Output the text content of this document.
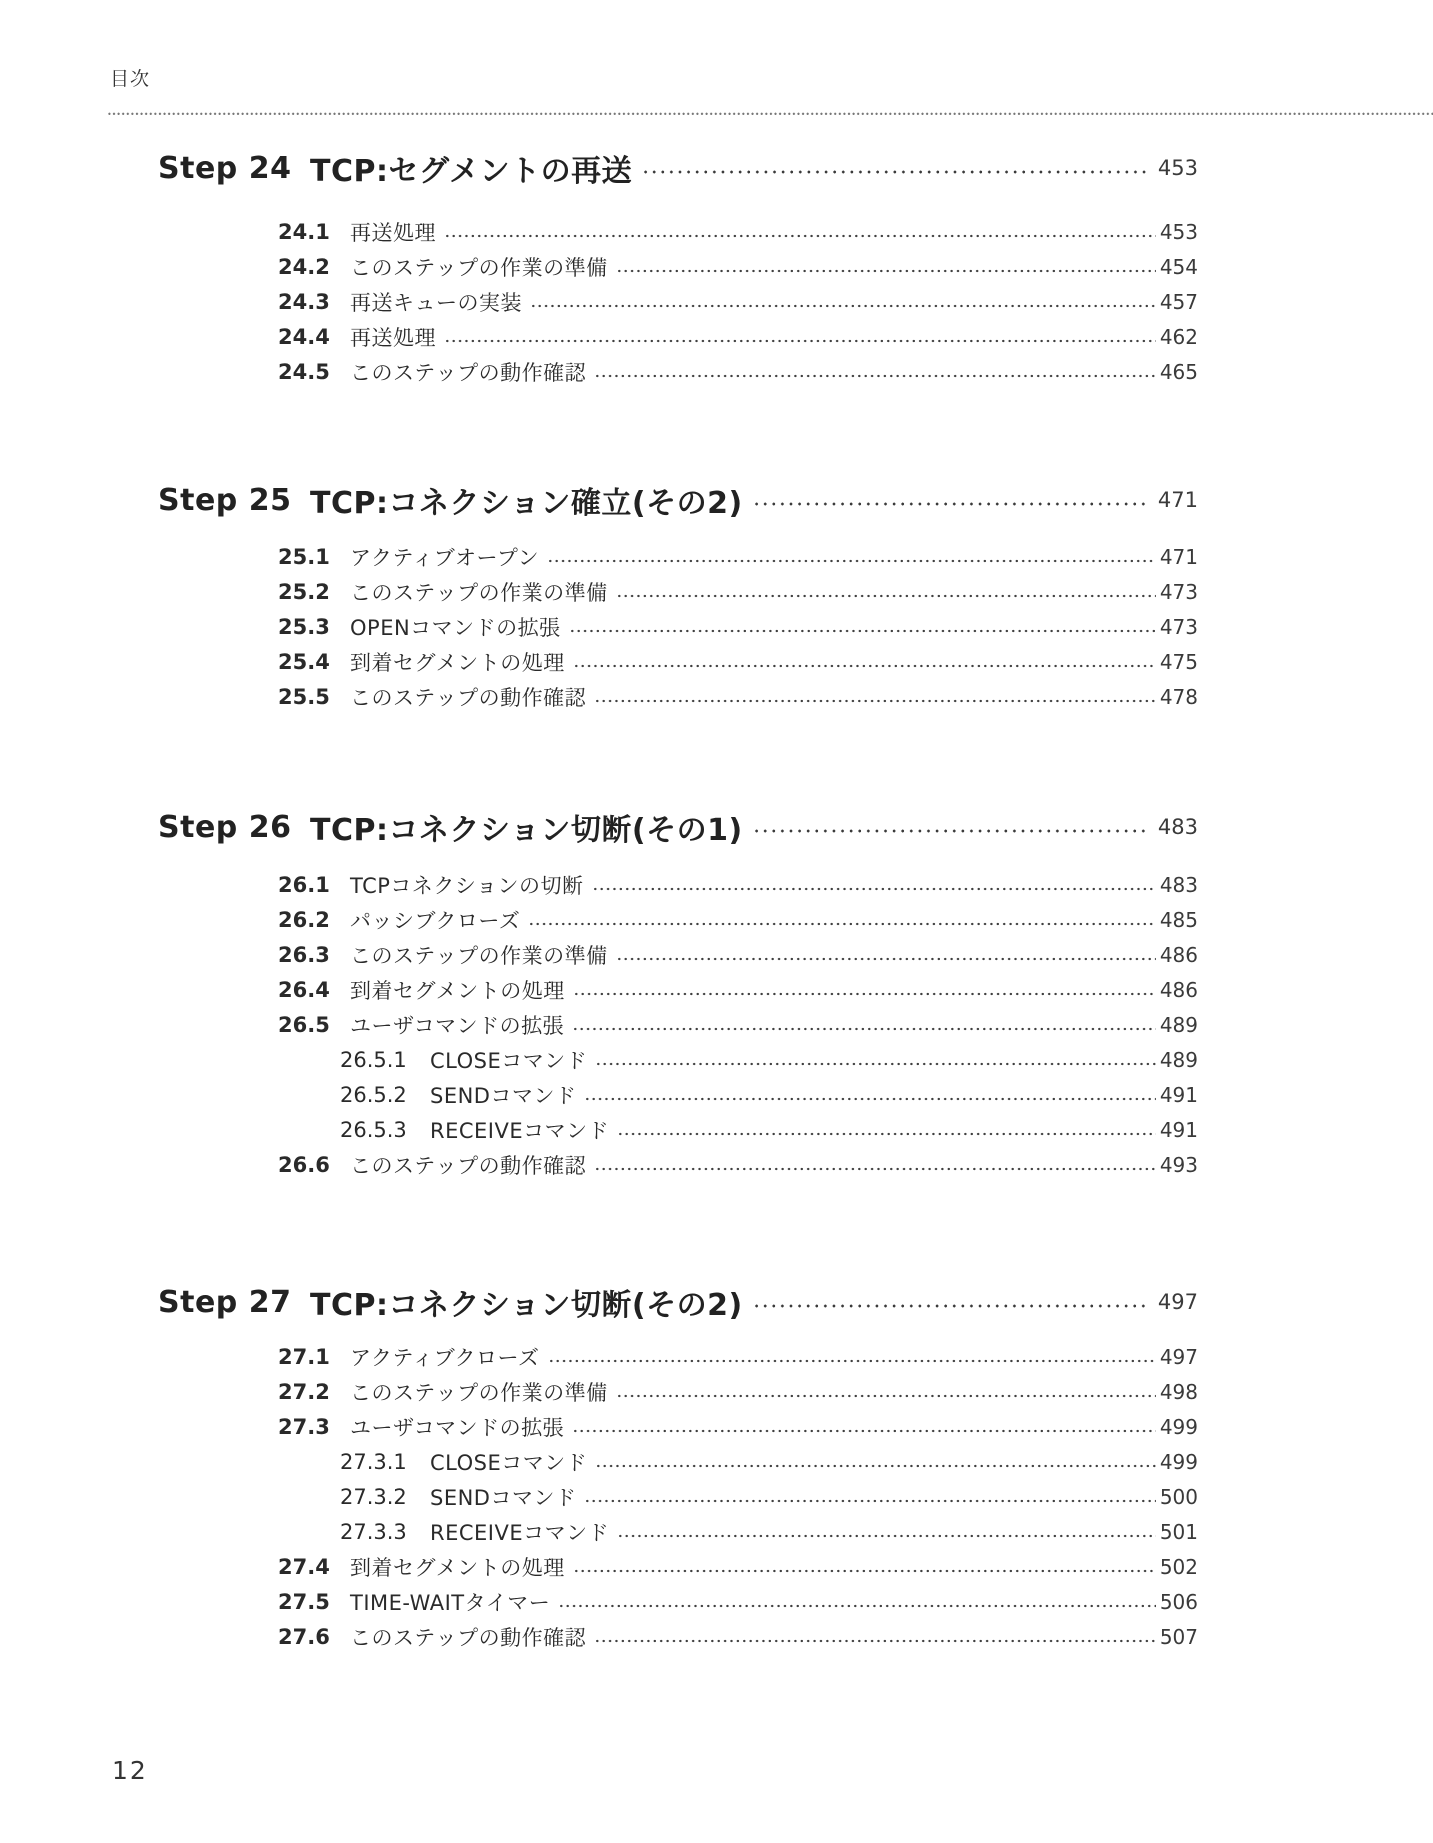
目次
Step 24 TCP:セグメントの再送	453
24.1 再送処理	453
24.2 このステップの作業の準備	454
24.3 再送キューの実装	457
24.4 再送処理	462
24.5 このステップの動作確認	465
Step 25 TCP:コネクション確立(その2)	471
25.1 アクティブオープン	471
25.2 このステップの作業の準備	473
25.3 OPENコマンドの拡張	473
25.4 到着セグメントの処理	475
25.5 このステップの動作確認	478
Step 26 TCP:コネクション切断(その1)	483
26.1 TCPコネクションの切断	483
26.2 パッシブクローズ	485
26.3 このステップの作業の準備	486
26.4 到着セグメントの処理	486
26.5 ユーザコマンドの拡張	489
26.5.1	CLOSEコマンド	489
26.5.2	SENDコマンド	491
26.5.3	RECEIVEコマンド	491
26.6 このステップの動作確認	493
Step 27 TCP:コネクション切断(その2)	497
27.1 アクティブクローズ	497
27.2 このステップの作業の準備	498
27.3 ユーザコマンドの拡張	499
27.3.1	CLOSEコマンド	499
27.3.2	SENDコマンド	500
27.3.3	RECEIVEコマンド	501
27.4 到着セグメントの処理	502
27.5 TIME-WAITタイマー	506
27.6 このステップの動作確認	507
12
